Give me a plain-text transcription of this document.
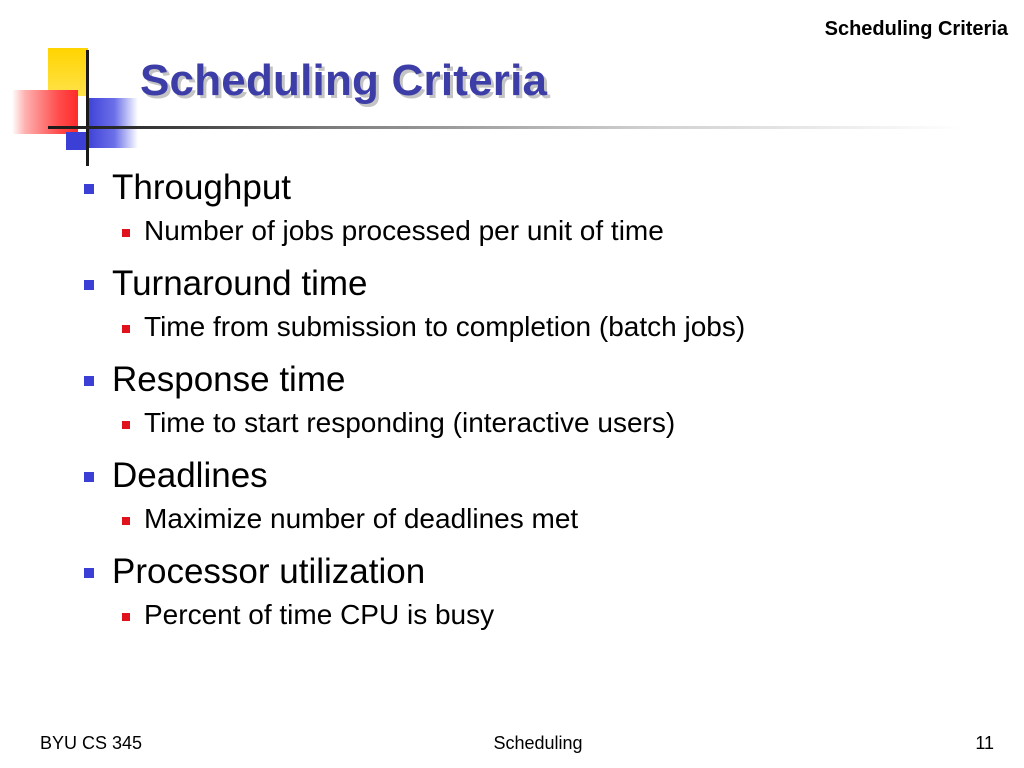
Scheduling Criteria
Scheduling Criteria
Throughput
Number of jobs processed per unit of time
Turnaround time
Time from submission to completion (batch jobs)
Response time
Time to start responding (interactive users)
Deadlines
Maximize number of deadlines met
Processor utilization
Percent of time CPU is busy
BYU CS 345	Scheduling	11
